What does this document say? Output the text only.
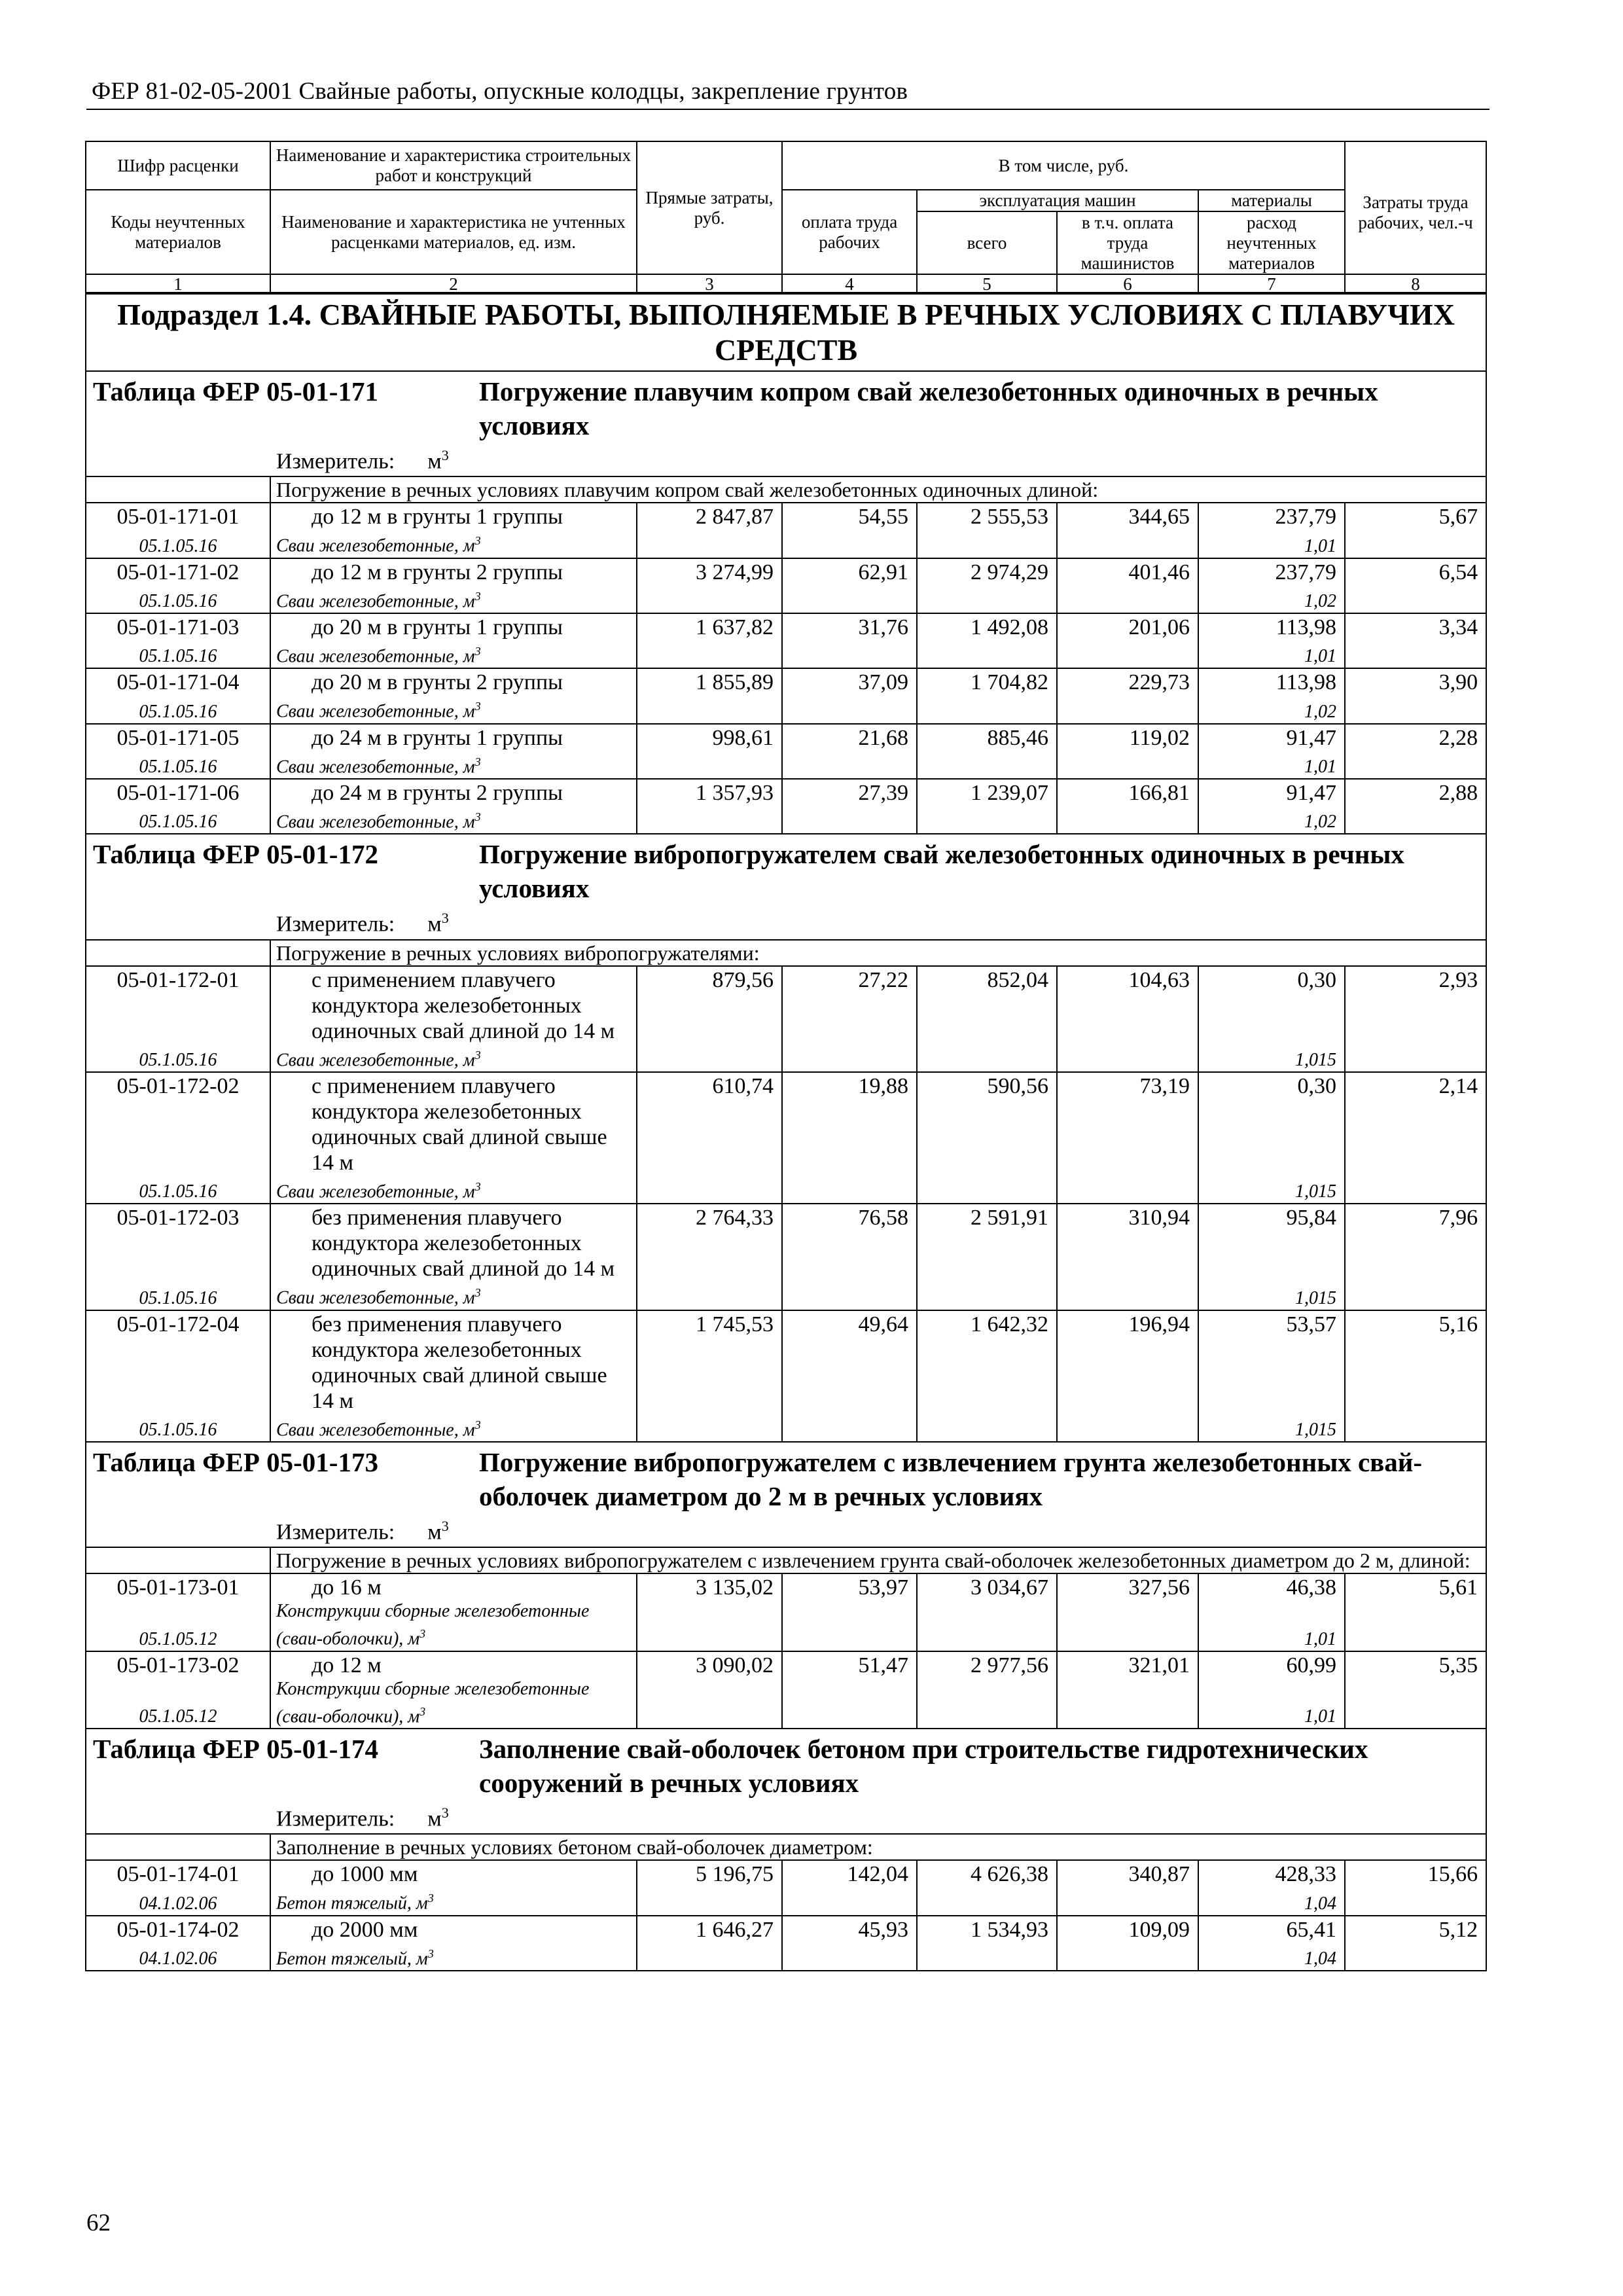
ФЕР 81-02-05-2001 Свайные работы, опускные колодцы, закрепление грунтов
Шифр расценки	Наименование и характеристика строительных работ и конструкций	Прямые затраты, руб.	В том числе, руб.				Затраты труда рабочих, чел.-ч
Коды неучтенных материалов	Наименование и характеристика не учтенных расценками материалов, ед. изм.		оплата труда рабочих	эксплуатация машин		материалы	
				всего	в т.ч. оплата труда машинистов	расход неучтенных материалов	
1	2	3	4	5	6	7	8
Подраздел 1.4. СВАЙНЫЕ РАБОТЫ, ВЫПОЛНЯЕМЫЕ В РЕЧНЫХ УСЛОВИЯХ С ПЛАВУЧИХ СРЕДСТВ							

Таблица ФЕР 05-01-171 Погружение плавучим копром свай железобетонных одиночных в речных условиях							

Измеритель: $м^3$
	Погружение в речных условиях плавучим копром свай железобетонных одиночных длиной:						
05-01-171-01	до 12 м в грунты 1 группы	2 847,87	54,55	2 555,53	344,65	237,79	5,67
05.1.05.16	Сваи железобетонные, $м^3$					1,01	
05-01-171-02	до 12 м в грунты 2 группы	3 274,99	62,91	2 974,29	401,46	237,79	6,54
05.1.05.16	Сваи железобетонные, $м^3$					1,02	
05-01-171-03	до 20 м в грунты 1 группы	1 637,82	31,76	1 492,08	201,06	113,98	3,34
05.1.05.16	Сваи железобетонные, $м^3$					1,01	
05-01-171-04	до 20 м в грунты 2 группы	1 855,89	37,09	1 704,82	229,73	113,98	3,90
05.1.05.16	Сваи железобетонные, $м^3$					1,02	
05-01-171-05	до 24 м в грунты 1 группы	998,61	21,68	885,46	119,02	91,47	2,28
05.1.05.16	Сваи железобетонные, $м^3$					1,01	
05-01-171-06	до 24 м в грунты 2 группы	1 357,93	27,39	1 239,07	166,81	91,47	2,88
05.1.05.16	Сваи железобетонные, $м^3$					1,02	

Таблица ФЕР 05-01-172 Погружение вибропогружателем свай железобетонных одиночных в речных условиях							

Измеритель: $м^3$
	Погружение в речных условиях вибропогружателями:						
05-01-172-01	с применением плавучего кондуктора железобетонных одиночных свай длиной до 14 м	879,56	27,22	852,04	104,63	0,30	2,93
05.1.05.16	Сваи железобетонные, $м^3$					1,015	
05-01-172-02	с применением плавучего кондуктора железобетонных одиночных свай длиной свыше 14 м	610,74	19,88	590,56	73,19	0,30	2,14
05.1.05.16	Сваи железобетонные, $м^3$					1,015	
05-01-172-03	без применения плавучего кондуктора железобетонных одиночных свай длиной до 14 м	2 764,33	76,58	2 591,91	310,94	95,84	7,96
05.1.05.16	Сваи железобетонные, $м^3$					1,015	
05-01-172-04	без применения плавучего кондуктора железобетонных одиночных свай длиной свыше 14 м	1 745,53	49,64	1 642,32	196,94	53,57	5,16
05.1.05.16	Сваи железобетонные, $м^3$					1,015	

Таблица ФЕР 05-01-173 Погружение вибропогружателем с извлечением грунта железобетонных свай-оболочек диаметром до 2 м в речных условиях							

Измеритель: $м^3$
	Погружение в речных условиях вибропогружателем с извлечением грунта свай-оболочек железобетонных диаметром до 2 м, длиной:						
05-01-173-01	до 16 м	3 135,02	53,97	3 034,67	327,56	46,38	5,61
05.1.05.12	Конструкции сборные железобетонные (сваи-оболочки), $м^3$					1,01	
05-01-173-02	до 12 м	3 090,02	51,47	2 977,56	321,01	60,99	5,35
05.1.05.12	Конструкции сборные железобетонные (сваи-оболочки), $м^3$					1,01	

Таблица ФЕР 05-01-174 Заполнение свай-оболочек бетоном при строительстве гидротехнических сооружений в речных условиях							

Измеритель: $м^3$
	Заполнение в речных условиях бетоном свай-оболочек диаметром:						
05-01-174-01	до 1000 мм	5 196,75	142,04	4 626,38	340,87	428,33	15,66
04.1.02.06	Бетон тяжелый, $м^3$					1,04	
05-01-174-02	до 2000 мм	1 646,27	45,93	1 534,93	109,09	65,41	5,12
04.1.02.06	Бетон тяжелый, $м^3$					1,04	
62
